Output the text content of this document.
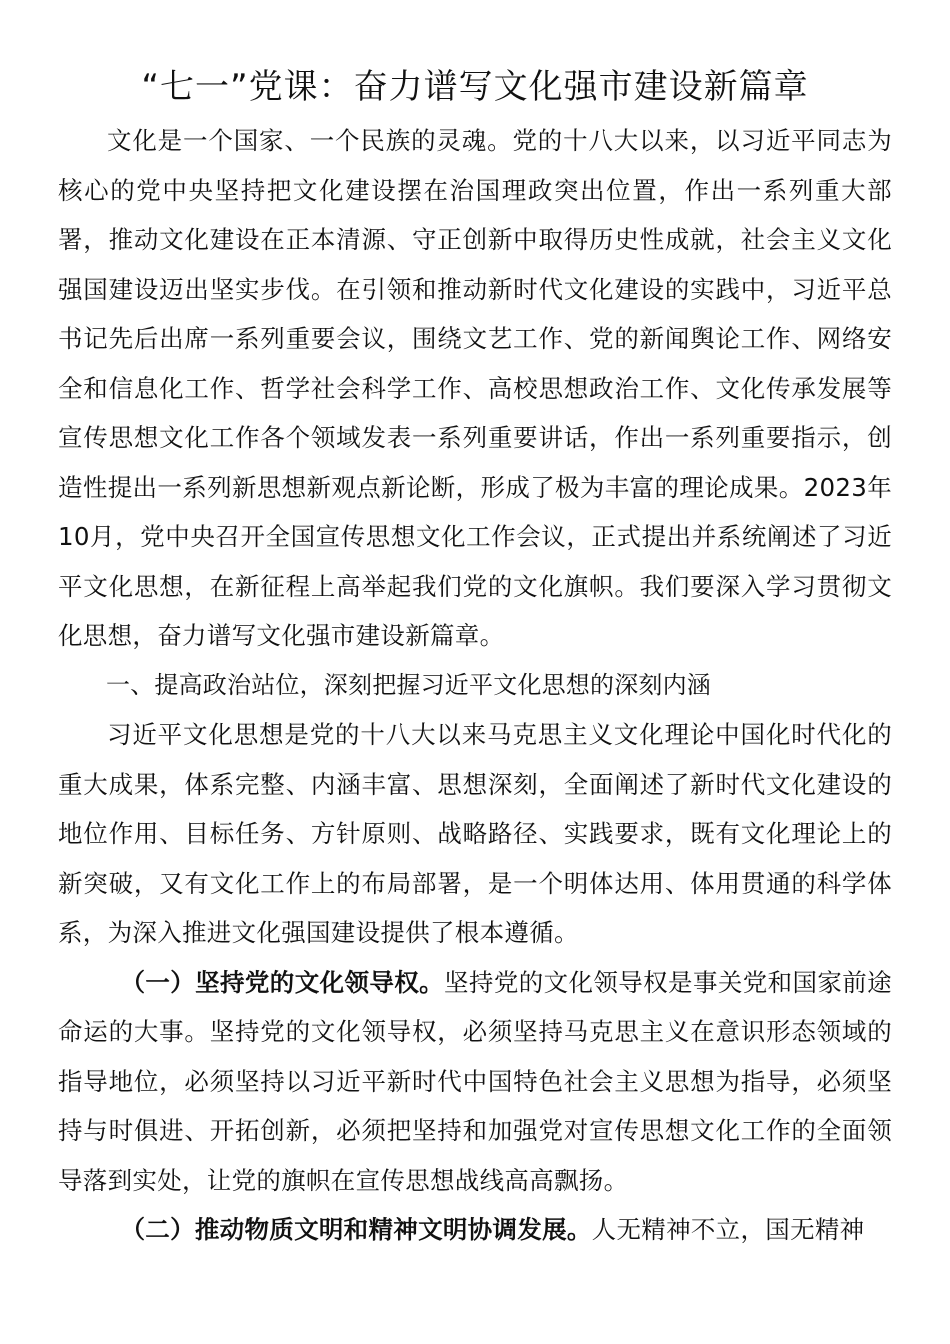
“七一”党课：奋力谱写文化强市建设新篇章

文化是一个国家、一个民族的灵魂。党的十八大以来，以习近平同志为核心的党中央坚持把文化建设摆在治国理政突出位置，作出一系列重大部署，推动文化建设在正本清源、守正创新中取得历史性成就，社会主义文化强国建设迈出坚实步伐。在引领和推动新时代文化建设的实践中，习近平总书记先后出席一系列重要会议，围绕文艺工作、党的新闻舆论工作、网络安全和信息化工作、哲学社会科学工作、高校思想政治工作、文化传承发展等宣传思想文化工作各个领域发表一系列重要讲话，作出一系列重要指示，创造性提出一系列新思想新观点新论断，形成了极为丰富的理论成果。2023年10月，党中央召开全国宣传思想文化工作会议，正式提出并系统阐述了习近平文化思想，在新征程上高举起我们党的文化旗帜。我们要深入学习贯彻文化思想，奋力谱写文化强市建设新篇章。

一、提高政治站位，深刻把握习近平文化思想的深刻内涵

习近平文化思想是党的十八大以来马克思主义文化理论中国化时代化的重大成果，体系完整、内涵丰富、思想深刻，全面阐述了新时代文化建设的地位作用、目标任务、方针原则、战略路径、实践要求，既有文化理论上的新突破，又有文化工作上的布局部署，是一个明体达用、体用贯通的科学体系，为深入推进文化强国建设提供了根本遵循。

（一）坚持党的文化领导权。坚持党的文化领导权是事关党和国家前途命运的大事。坚持党的文化领导权，必须坚持马克思主义在意识形态领域的指导地位，必须坚持以习近平新时代中国特色社会主义思想为指导，必须坚持与时俱进、开拓创新，必须把坚持和加强党对宣传思想文化工作的全面领导落到实处，让党的旗帜在宣传思想战线高高飘扬。

（二）推动物质文明和精神文明协调发展。人无精神不立，国无精神
